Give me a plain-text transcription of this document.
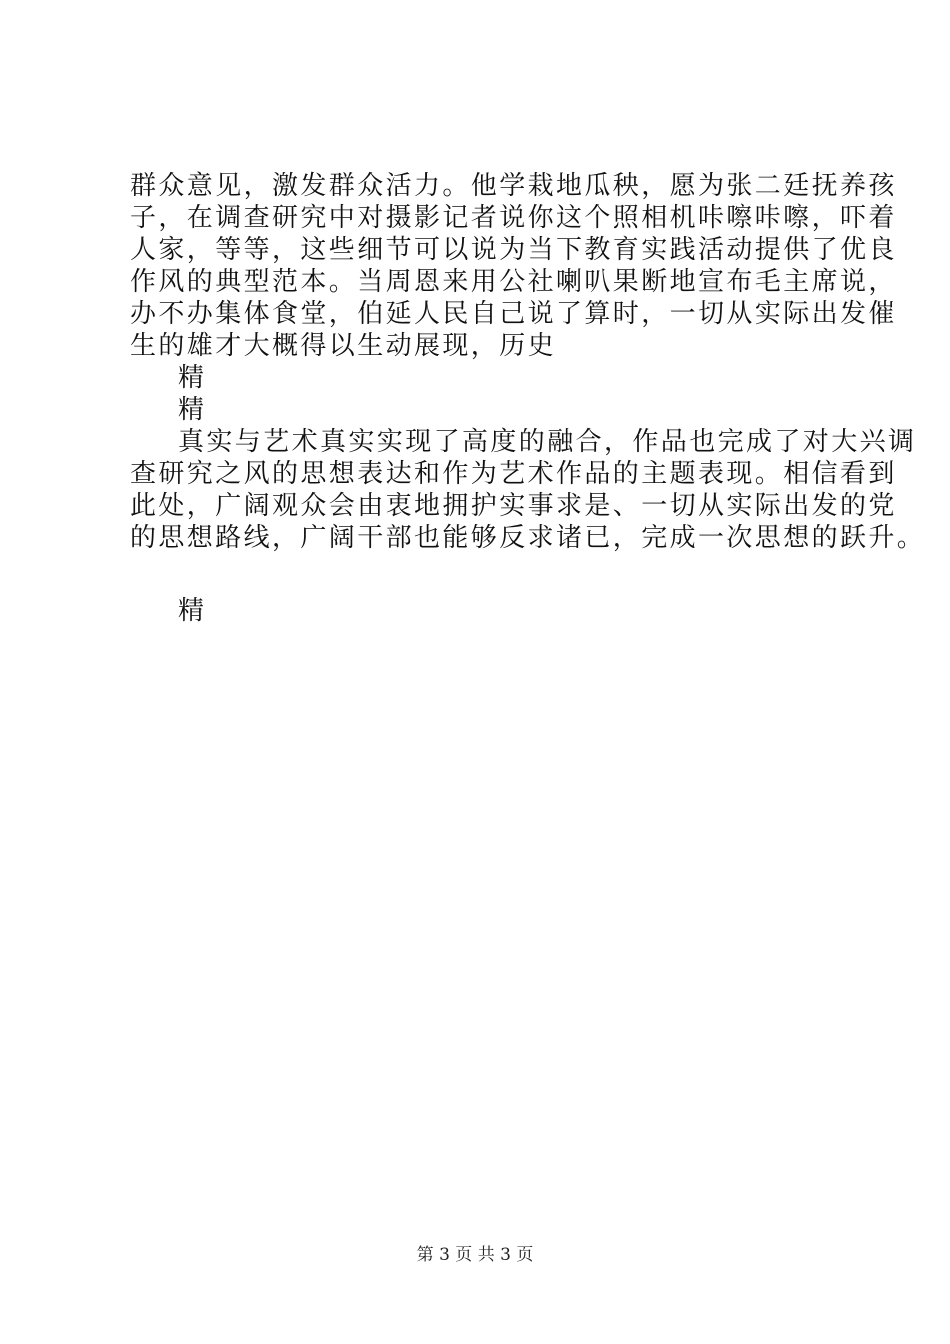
群众意见，激发群众活力。他学栽地瓜秧，愿为张二廷抚养孩
子，在调查研究中对摄影记者说你这个照相机咔嚓咔嚓，吓着
人家，等等，这些细节可以说为当下教育实践活动提供了优良
作风的典型范本。当周恩来用公社喇叭果断地宣布毛主席说，
办不办集体食堂，伯延人民自己说了算时，一切从实际出发催
生的雄才大概得以生动展现，历史
精
精
真实与艺术真实实现了高度的融合，作品也完成了对大兴调
查研究之风的思想表达和作为艺术作品的主题表现。相信看到
此处，广阔观众会由衷地拥护实事求是、一切从实际出发的党
的思想路线，广阔干部也能够反求诸已，完成一次思想的跃升。
精
第 3 页 共 3 页
